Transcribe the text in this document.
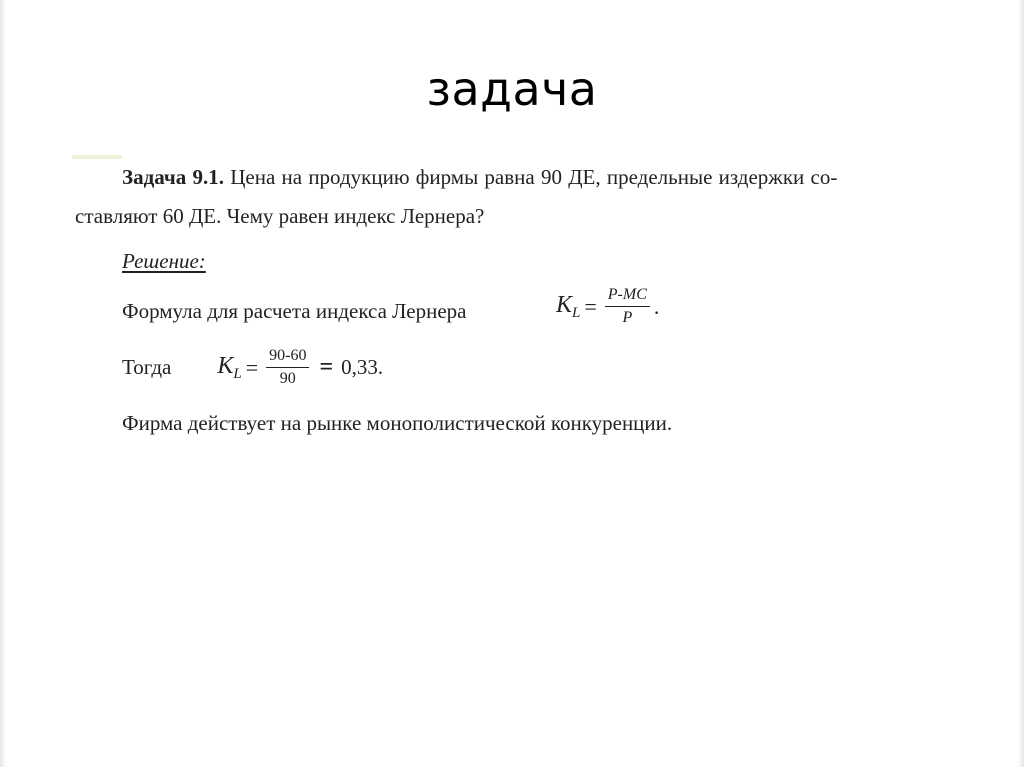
задача
Задача 9.1. Цена на продукцию фирмы равна 90 ДЕ, предельные издержки со-
ставляют 60 ДЕ. Чему равен индекс Лернера?
Решение:
Формула для расчета индекса Лернера	$K_L = \frac{P-MC}{P}$ .
Тогда $K_L = \frac{90-60}{90} = 0,33$.
Фирма действует на рынке монополистической конкуренции.
